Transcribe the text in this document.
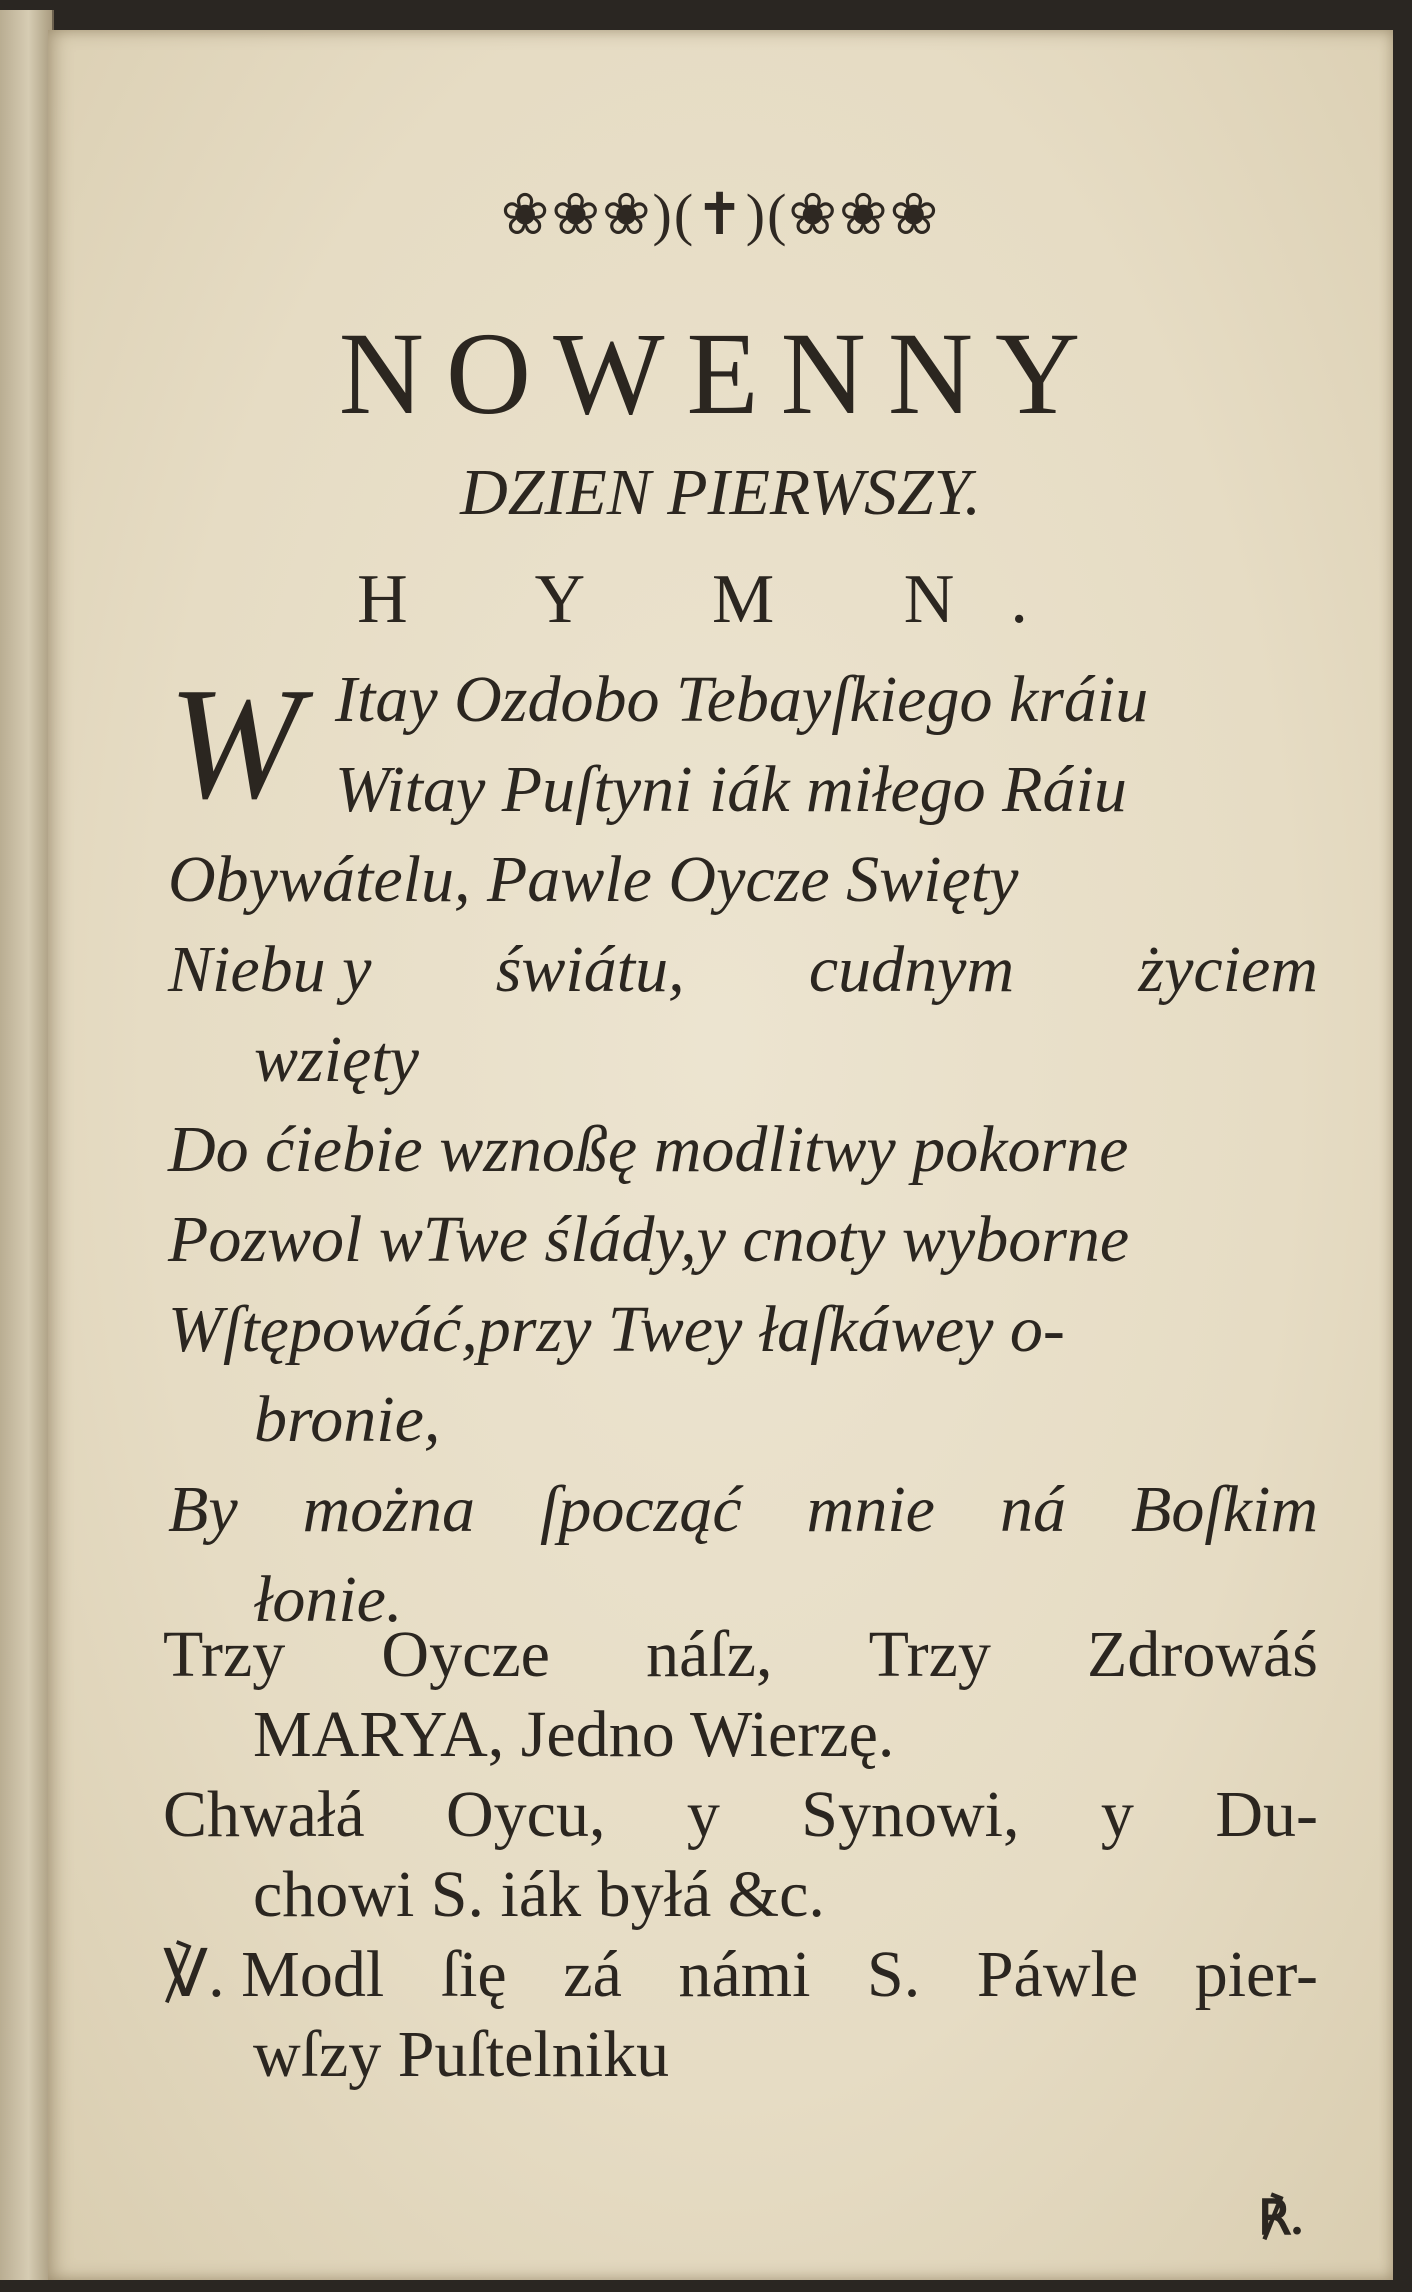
❀❀❀)(✝)(❀❀❀
NOWENNY
DZIEN PIERWSZY.
H Y M N.
W Itay Ozdobo Tebayſkiego kráiu
Witay Puſtyni iák miłego Ráiu
Obywátelu, Pawle Oycze Swięty
Niebu y świátu, cudnym życiem
wzięty
Do ćiebie wznoßę modlitwy pokorne
Pozwol wTwe ślády,y cnoty wyborne
Wſtępowáć,przy Twey łaſkáwey o-
bronie,
By można ſpocząć mnie ná Boſkim
łonie.
Trzy Oycze náſz, Trzy Zdrowáś
MARYA, Jedno Wierzę.
Chwałá Oycu, y Synowi, y Du-
chowi S. iák byłá &c.
℣. Modl ſię zá námi S. Páwle pier-
wſzy Puſtelniku
℟.
